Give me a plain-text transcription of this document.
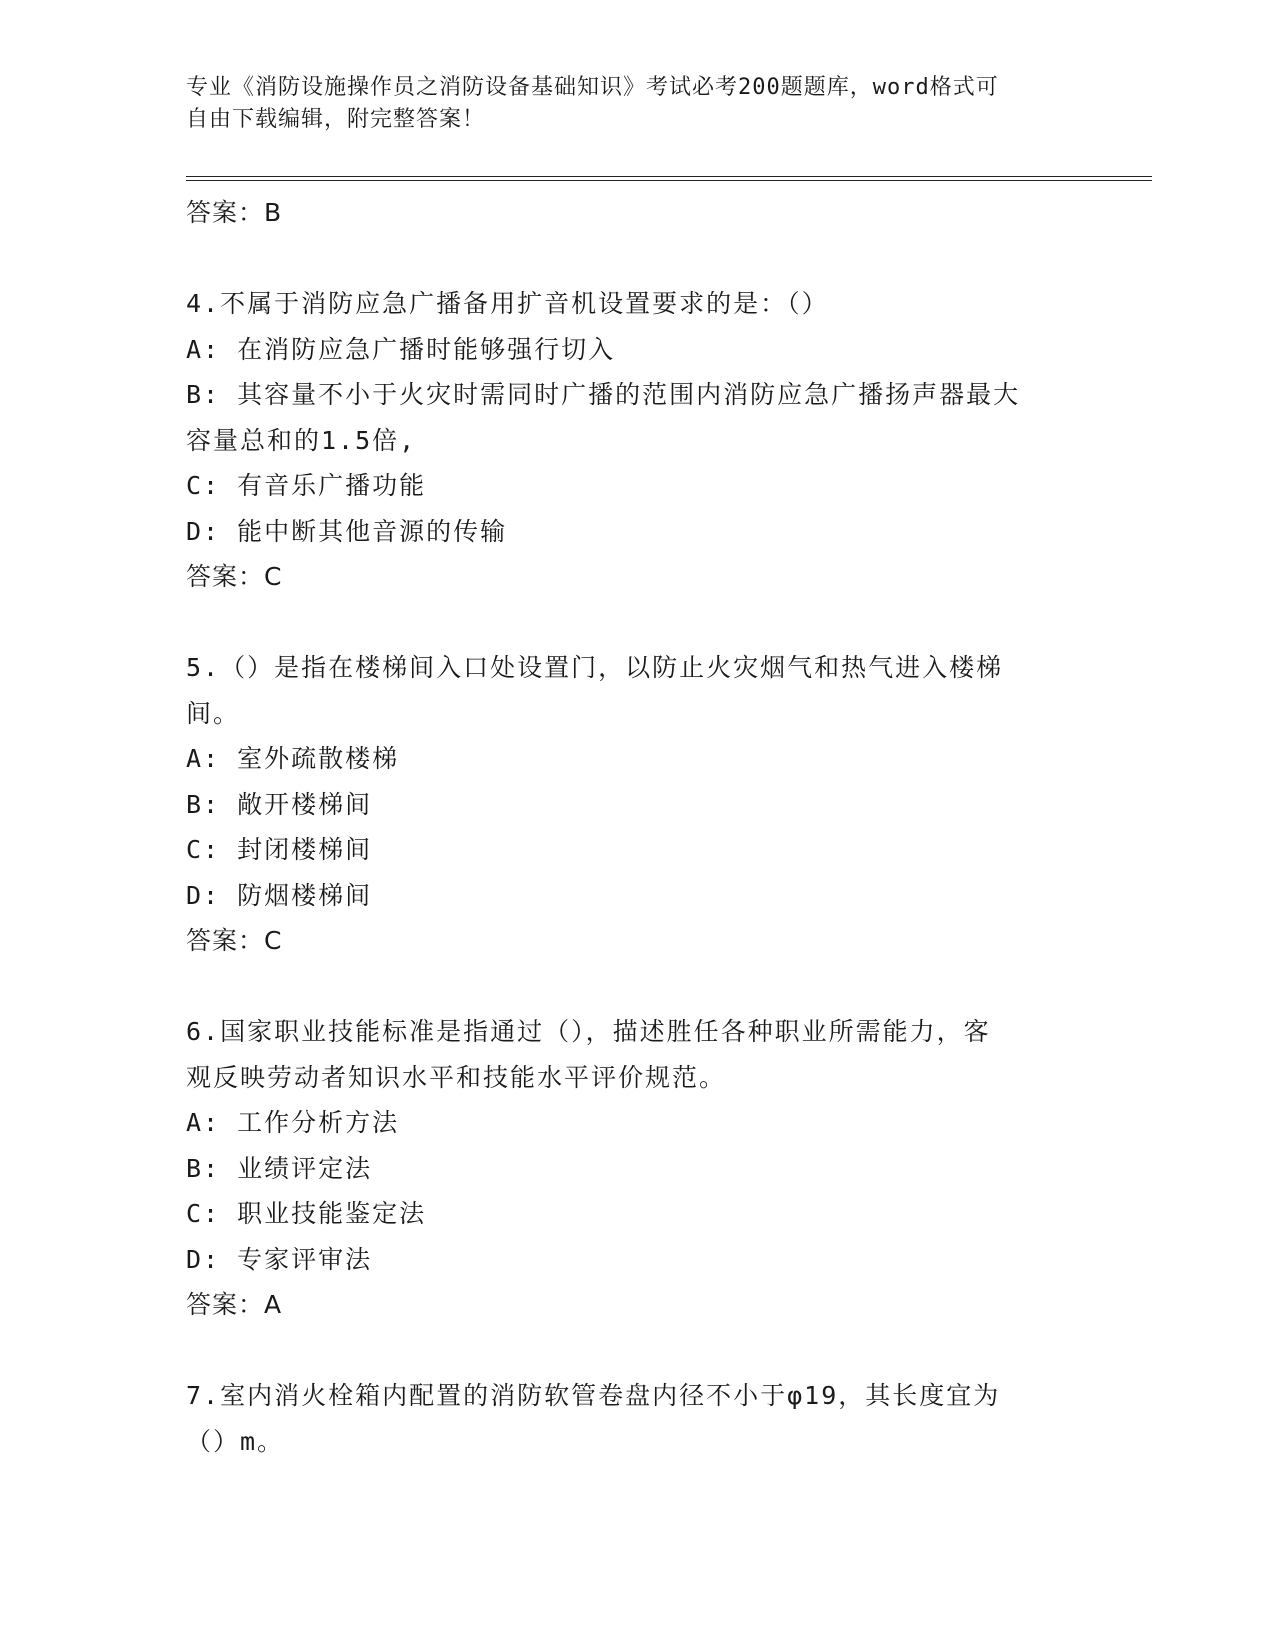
专业《消防设施操作员之消防设备基础知识》考试必考200题题库，word格式可
自由下载编辑，附完整答案！
答案：B
4.不属于消防应急广播备用扩音机设置要求的是：（）
A: 在消防应急广播时能够强行切入
B: 其容量不小于火灾时需同时广播的范围内消防应急广播扬声器最大
容量总和的1.5倍,
C: 有音乐广播功能
D: 能中断其他音源的传输
答案：C
5.（）是指在楼梯间入口处设置门，以防止火灾烟气和热气进入楼梯
间。
A: 室外疏散楼梯
B: 敞开楼梯间
C: 封闭楼梯间
D: 防烟楼梯间
答案：C
6.国家职业技能标准是指通过（），描述胜任各种职业所需能力，客
观反映劳动者知识水平和技能水平评价规范。
A: 工作分析方法
B: 业绩评定法
C: 职业技能鉴定法
D: 专家评审法
答案：A
7.室内消火栓箱内配置的消防软管卷盘内径不小于φ19，其长度宜为
（）m。
